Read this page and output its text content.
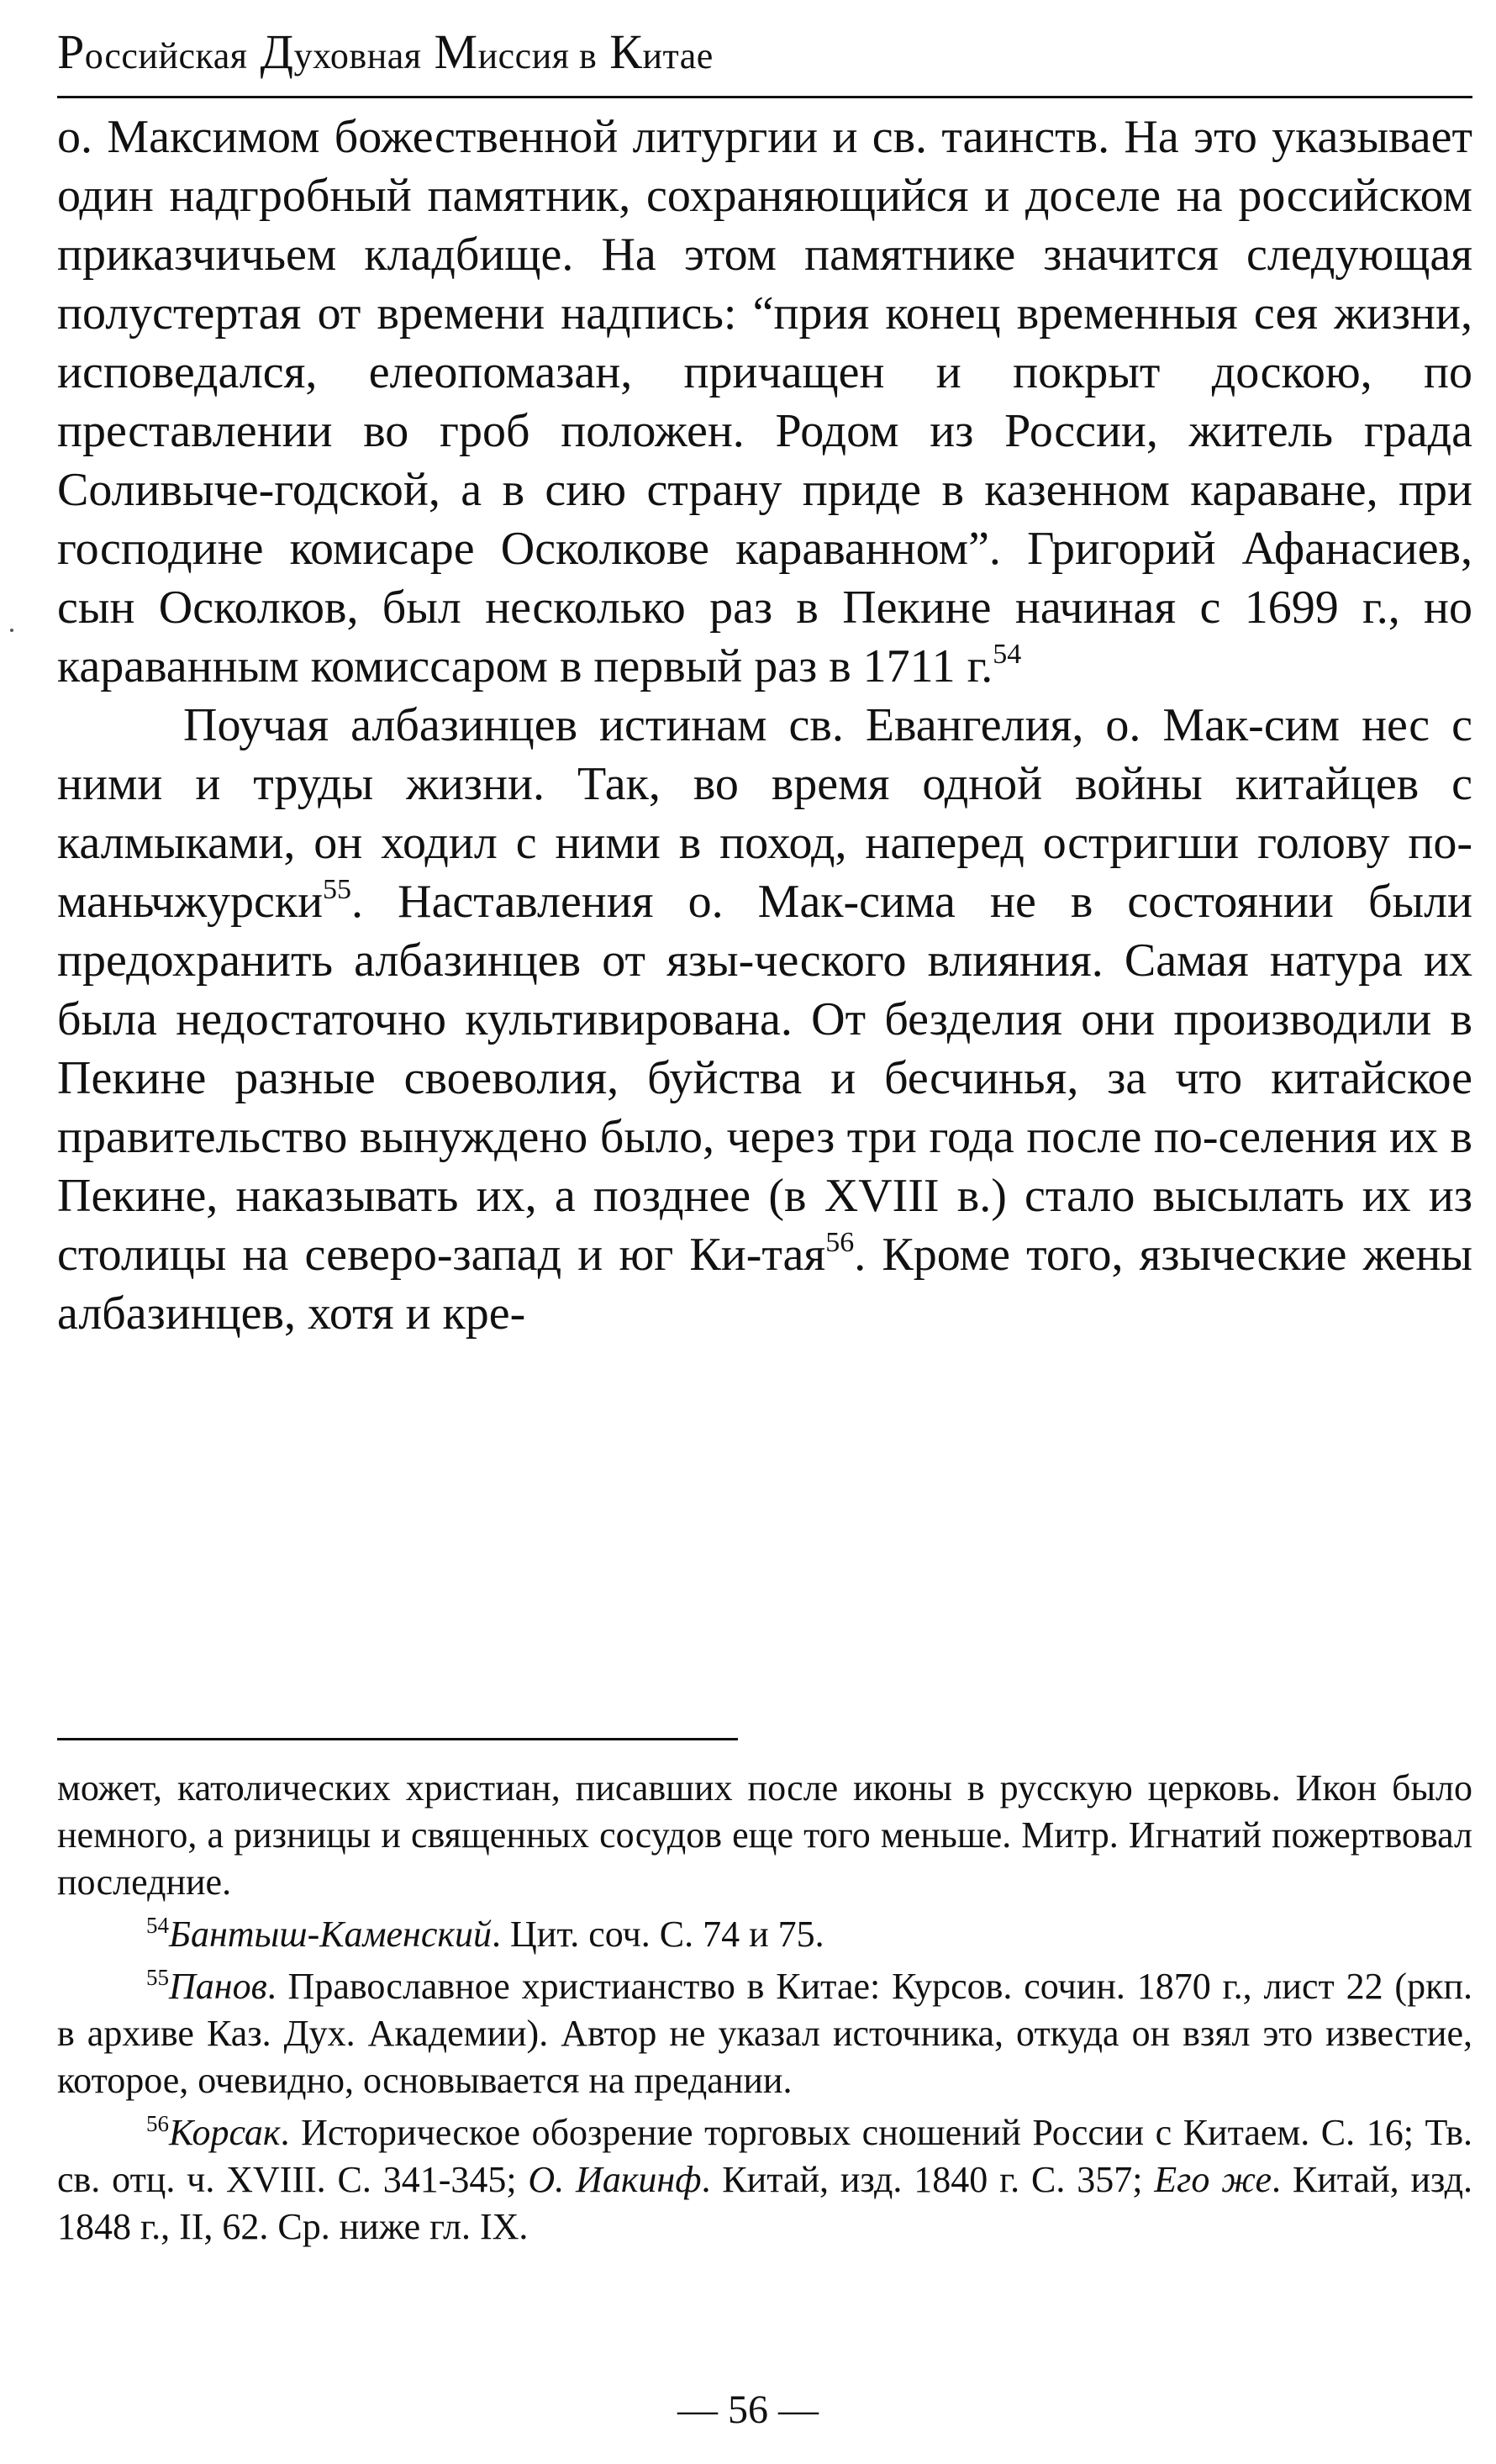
Российская Духовная Миссия в Китае

о. Максимом божественной литургии и св. таинств. На это указывает один надгробный памятник, сохраняющийся и доселе на российском приказчичьем кладбище. На этом памятнике значится следующая полустертая от времени надпись: “прия конец временныя сея жизни, исповедался, елеопомазан, причащен и покрыт доскою, по преставлении во гроб положен. Родом из России, житель града Соливыче-годской, а в сию страну приде в казенном караване, при господине комисаре Осколкове караванном”. Григорий Афанасиев, сын Осколков, был несколько раз в Пекине начиная с 1699 г., но караванным комиссаром в первый раз в 1711 г.$^{54}$

Поучая албазинцев истинам св. Евангелия, о. Мак-сим нес с ними и труды жизни. Так, во время одной войны китайцев с калмыками, он ходил с ними в поход, наперед остригши голову по-маньчжурски$^{55}$. Наставления о. Мак-сима не в состоянии были предохранить албазинцев от язы-ческого влияния. Самая натура их была недостаточно культивирована. От безделия они производили в Пекине разные своеволия, буйства и бесчинья, за что китайское правительство вынуждено было, через три года после по-селения их в Пекине, наказывать их, а позднее (в XVIII в.) стало высылать их из столицы на северо-запад и юг Ки-тая$^{56}$. Кроме того, языческие жены албазинцев, хотя и кре-

может, католических христиан, писавших после иконы в русскую церковь. Икон было немного, а ризницы и священных сосудов еще того меньше. Митр. Игнатий пожертвовал последние.

$^{54}$Бантыш-Каменский. Цит. соч. С. 74 и 75.

$^{55}$Панов. Православное христианство в Китае: Курсов. сочин. 1870 г., лист 22 (ркп. в архиве Каз. Дух. Академии). Автор не указал источника, откуда он взял это известие, которое, очевидно, основывается на предании.

$^{56}$Корсак. Историческое обозрение торговых сношений России с Китаем. С. 16; Тв. св. отц. ч. XVIII. С. 341-345; О. Иакинф. Китай, изд. 1840 г. С. 357; Его же. Китай, изд. 1848 г., II, 62. Ср. ниже гл. IX.

— 56 —
